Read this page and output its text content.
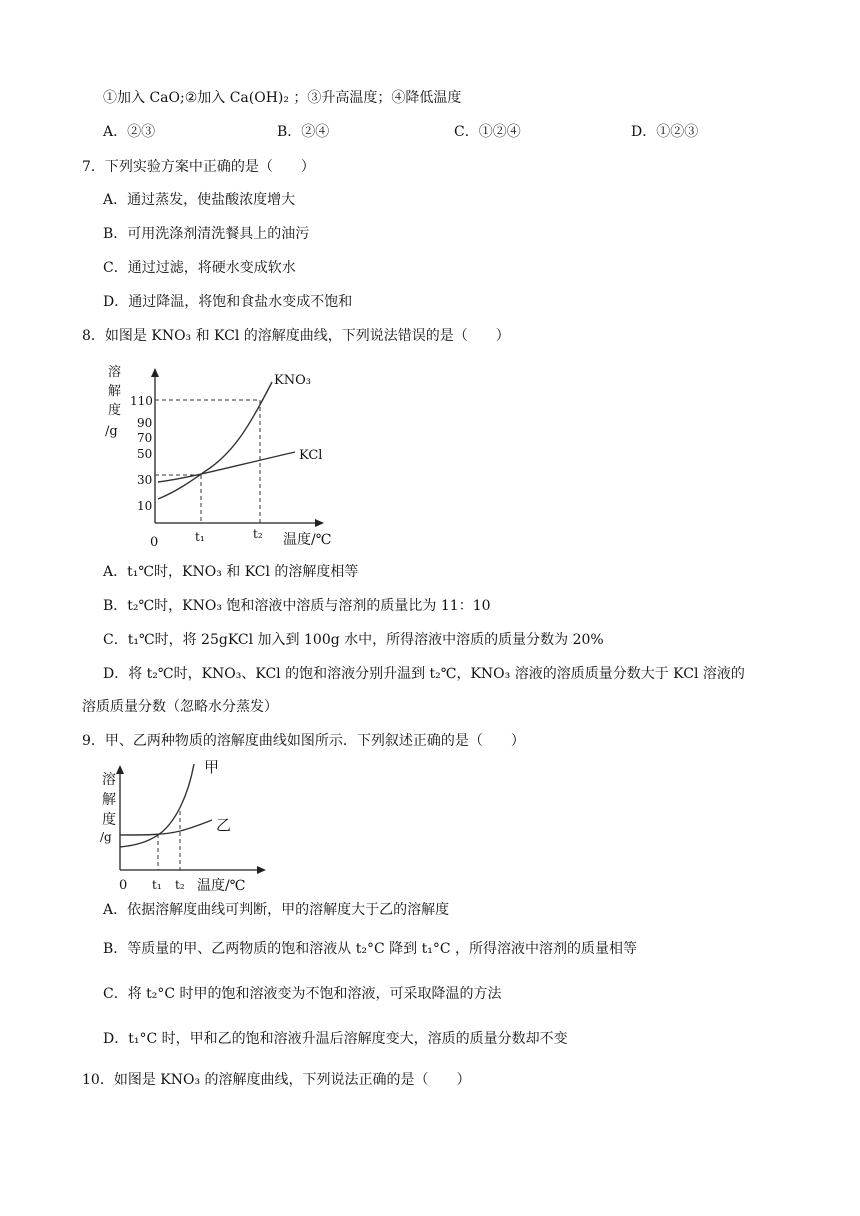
①加入 CaO;②加入 Ca(OH)₂ ；③升高温度；④降低温度
A．②③	B．②④	C．①②④	D．①②③
7．下列实验方案中正确的是（　　）
A．通过蒸发，使盐酸浓度增大
B．可用洗涤剂清洗餐具上的油污
C．通过过滤，将硬水变成软水
D．通过降温，将饱和食盐水变成不饱和
8．如图是 KNO₃ 和 KCl 的溶解度曲线，下列说法错误的是（　　）
溶
解
度
/g
110
90
70
50
30
10
KNO₃
KCl
0	t₁	t₂ 温度/℃
A．t₁℃时，KNO₃ 和 KCl 的溶解度相等
B．t₂℃时，KNO₃ 饱和溶液中溶质与溶剂的质量比为 11：10
C．t₁℃时，将 25gKCl 加入到 100g 水中，所得溶液中溶质的质量分数为 20%
D．将 t₂℃时，KNO₃、KCl 的饱和溶液分别升温到 t₂℃，KNO₃ 溶液的溶质质量分数大于 KCl 溶液的
溶质质量分数（忽略水分蒸发）
9．甲、乙两种物质的溶解度曲线如图所示．下列叙述正确的是（　　）
溶
解
度
/g
甲
乙
0 t₁ t₂ 温度/℃
A．依据溶解度曲线可判断，甲的溶解度大于乙的溶解度
B．等质量的甲、乙两物质的饱和溶液从 t₂°C 降到 t₁°C ，所得溶液中溶剂的质量相等
C．将 t₂°C 时甲的饱和溶液变为不饱和溶液，可采取降温的方法
D．t₁°C 时，甲和乙的饱和溶液升温后溶解度变大，溶质的质量分数却不变
10．如图是 KNO₃ 的溶解度曲线，下列说法正确的是（　　）
